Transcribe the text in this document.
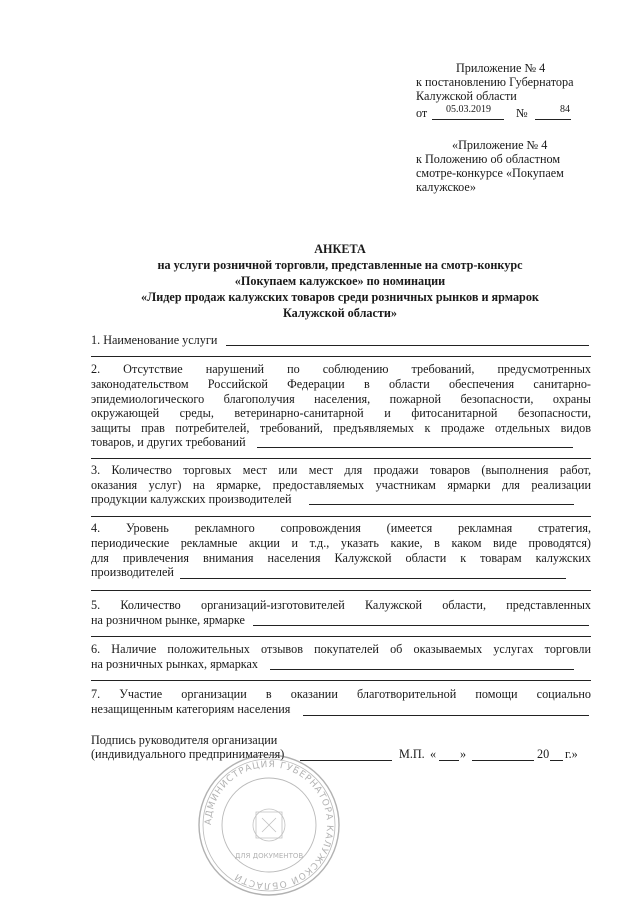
Приложение № 4
к постановлению Губернатора
Калужской области
от 05.03.2019 №	84
«Приложение № 4
к Положению об областном
смотре-конкурсе «Покупаем
калужское»
АНКЕТА
на услуги розничной торговли, представленные на смотр-конкурс
«Покупаем калужское» по номинации
«Лидер продаж калужских товаров среди розничных рынков и ярмарок
Калужской области»
1. Наименование услуги
2. Отсутствие нарушений по соблюдению требований, предусмотренных
законодательством Российской Федерации в области обеспечения санитарно-
эпидемиологического благополучия населения, пожарной безопасности, охраны
окружающей среды, ветеринарно-санитарной и фитосанитарной безопасности,
защиты прав потребителей, требований, предъявляемых к продаже отдельных видов
товаров, и других требований
3. Количество торговых мест или мест для продажи товаров (выполнения работ,
оказания услуг) на ярмарке, предоставляемых участникам ярмарки для реализации
продукции калужских производителей
4. Уровень рекламного сопровождения (имеется рекламная стратегия,
периодические рекламные акции и т.д., указать какие, в каком виде проводятся)
для привлечения внимания населения Калужской области к товарам калужских
производителей
5. Количество организаций-изготовителей Калужской области, представленных
на розничном рынке, ярмарке
6. Наличие положительных отзывов покупателей об оказываемых услугах торговли
на розничных рынках, ярмарках
7. Участие организации в оказании благотворительной помощи социально
незащищенным категориям населения
Подпись руководителя организации
(индивидуального предпринимателя)	М.П. « »	20 г.»
АДМИНИСТРАЦИЯ ГУБЕРНАТОРА КАЛУЖСКОЙ ОБЛАСТИ
ДЛЯ ДОКУМЕНТОВ
